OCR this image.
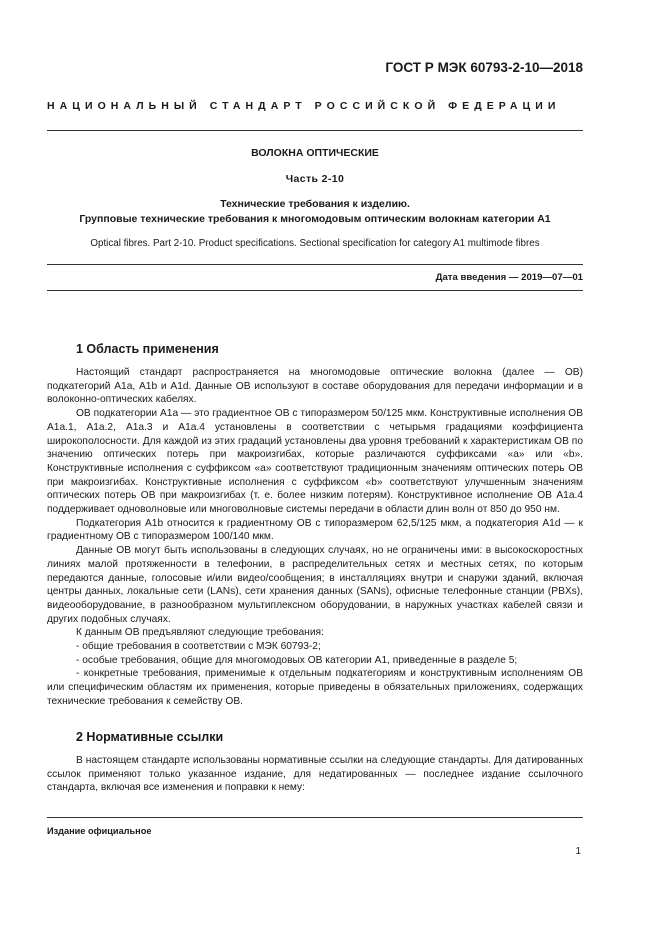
ГОСТ Р МЭК 60793-2-10—2018
НАЦИОНАЛЬНЫЙ СТАНДАРТ РОССИЙСКОЙ ФЕДЕРАЦИИ
ВОЛОКНА ОПТИЧЕСКИЕ
Часть 2-10
Технические требования к изделию.
Групповые технические требования к многомодовым оптическим волокнам категории А1
Optical fibres. Part 2-10. Product specifications. Sectional specification for category A1 multimode fibres
Дата введения — 2019—07—01
1 Область применения

Настоящий стандарт распространяется на многомодовые оптические волокна (далее — ОВ) подкатегорий А1a, А1b и А1d. Данные ОВ используют в составе оборудования для передачи информации и в волоконно-оптических кабелях.

ОВ подкатегории А1a — это градиентное ОВ с типоразмером 50/125 мкм. Конструктивные исполнения ОВ А1a.1, А1a.2, А1a.3 и А1a.4 установлены в соответствии с четырьмя градациями коэффициента широкополосности. Для каждой из этих градаций установлены два уровня требований к характеристикам ОВ по значению оптических потерь при макроизгибах, которые различаются суффиксами «а» или «b». Конструктивные исполнения с суффиксом «а» соответствуют традиционным значениям оптических потерь ОВ при макроизгибах. Конструктивные исполнения с суффиксом «b» соответствуют улучшенным значениям оптических потерь ОВ при макроизгибах (т. е. более низким потерям). Конструктивное исполнение ОВ А1a.4 поддерживает одноволновые или многоволновые системы передачи в области длин волн от 850 до 950 нм.

Подкатегория А1b относится к градиентному ОВ с типоразмером 62,5/125 мкм, а подкатегория А1d — к градиентному ОВ с типоразмером 100/140 мкм.

Данные ОВ могут быть использованы в следующих случаях, но не ограничены ими: в высокоскоростных линиях малой протяженности в телефонии, в распределительных сетях и местных сетях, по которым передаются данные, голосовые и/или видео/сообщения; в инсталляциях внутри и снаружи зданий, включая центры данных, локальные сети (LANs), сети хранения данных (SANs), офисные телефонные станции (PBXs), видеооборудование, в разнообразном мультиплексном оборудовании, в наружных участках кабелей связи и других подобных случаях.

К данным ОВ предъявляют следующие требования:

- общие требования в соответствии с МЭК 60793-2;

- особые требования, общие для многомодовых ОВ категории А1, приведенные в разделе 5;

- конкретные требования, применимые к отдельным подкатегориям и конструктивным исполнениям ОВ или специфическим областям их применения, которые приведены в обязательных приложениях, содержащих технические требования к семейству ОВ.

2 Нормативные ссылки

В настоящем стандарте использованы нормативные ссылки на следующие стандарты. Для датированных ссылок применяют только указанное издание, для недатированных — последнее издание ссылочного стандарта, включая все изменения и поправки к нему:

Издание официальное
1
